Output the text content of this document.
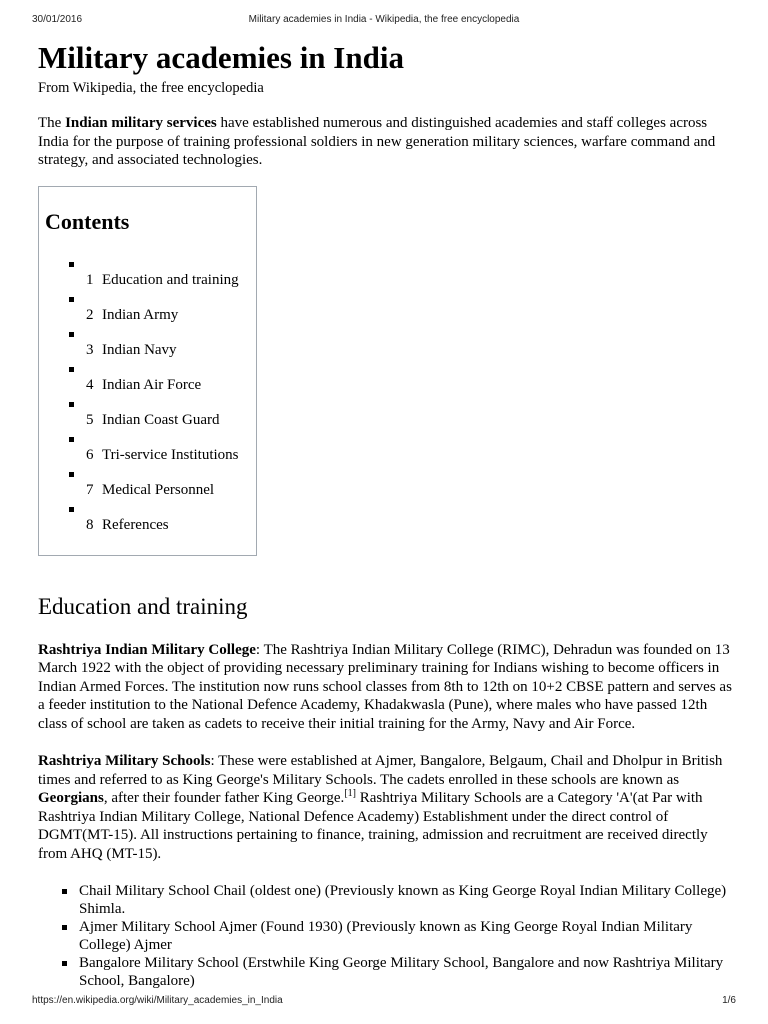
30/01/2016	Military academies in India - Wikipedia, the free encyclopedia
Military academies in India
From Wikipedia, the free encyclopedia

The Indian military services have established numerous and distinguished academies and staff colleges across India for the purpose of training professional soldiers in new generation military sciences, warfare command and strategy, and associated technologies.

Contents
1 Education and training
2 Indian Army
3 Indian Navy
4 Indian Air Force
5 Indian Coast Guard
6 Tri-service Institutions
7 Medical Personnel
8 References
Education and training

Rashtriya Indian Military College: The Rashtriya Indian Military College (RIMC), Dehradun was founded on 13 March 1922 with the object of providing necessary preliminary training for Indians wishing to become officers in Indian Armed Forces. The institution now runs school classes from 8th to 12th on 10+2 CBSE pattern and serves as a feeder institution to the National Defence Academy, Khadakwasla (Pune), where males who have passed 12th class of school are taken as cadets to receive their initial training for the Army, Navy and Air Force.

Rashtriya Military Schools: These were established at Ajmer, Bangalore, Belgaum, Chail and Dholpur in British times and referred to as King George's Military Schools. The cadets enrolled in these schools are known as Georgians, after their founder father King George.[1] Rashtriya Military Schools are a Category 'A'(at Par with Rashtriya Indian Military College, National Defence Academy) Establishment under the direct control of DGMT(MT-15). All instructions pertaining to finance, training, admission and recruitment are received directly from AHQ (MT-15).

Chail Military School Chail (oldest one) (Previously known as King George Royal Indian Military College) Shimla.
Ajmer Military School Ajmer (Found 1930) (Previously known as King George Royal Indian Military College) Ajmer
Bangalore Military School (Erstwhile King George Military School, Bangalore and now Rashtriya Military School, Bangalore)
https://en.wikipedia.org/wiki/Military_academies_in_India	1/6
